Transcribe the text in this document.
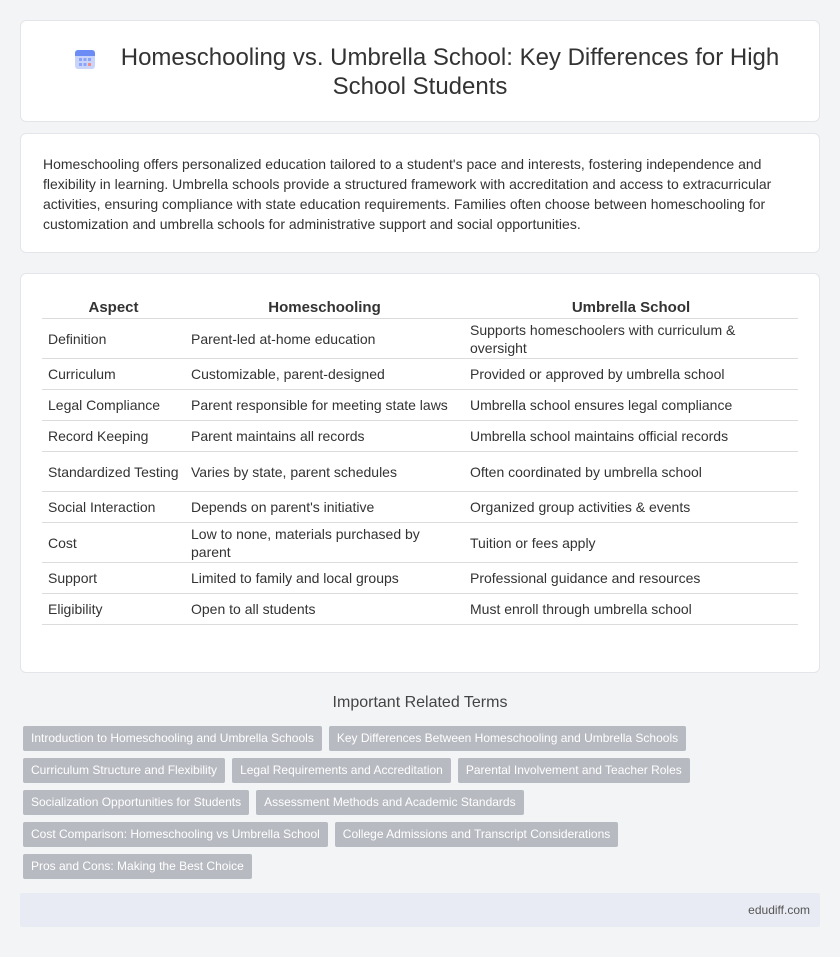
Homeschooling vs. Umbrella School: Key Differences for High
School Students

Homeschooling offers personalized education tailored to a student's pace and interests, fostering independence and flexibility in learning. Umbrella schools provide a structured framework with accreditation and access to extracurricular activities, ensuring compliance with state education requirements. Families often choose between homeschooling for customization and umbrella schools for administrative support and social opportunities.

Aspect	Homeschooling	Umbrella School
Definition	Parent-led at-home education	Supports homeschoolers with curriculum & oversight
Curriculum	Customizable, parent-designed	Provided or approved by umbrella school
Legal Compliance	Parent responsible for meeting state laws	Umbrella school ensures legal compliance
Record Keeping	Parent maintains all records	Umbrella school maintains official records
Standardized Testing	Varies by state, parent schedules	Often coordinated by umbrella school
Social Interaction	Depends on parent's initiative	Organized group activities & events
Cost	Low to none, materials purchased by parent	Tuition or fees apply
Support	Limited to family and local groups	Professional guidance and resources
Eligibility	Open to all students	Must enroll through umbrella school
Important Related Terms
Introduction to Homeschooling and Umbrella Schools	Key Differences Between Homeschooling and Umbrella Schools
Curriculum Structure and Flexibility	Legal Requirements and Accreditation	Parental Involvement and Teacher Roles
Socialization Opportunities for Students	Assessment Methods and Academic Standards
Cost Comparison: Homeschooling vs Umbrella School	College Admissions and Transcript Considerations
Pros and Cons: Making the Best Choice
edudiff.com
